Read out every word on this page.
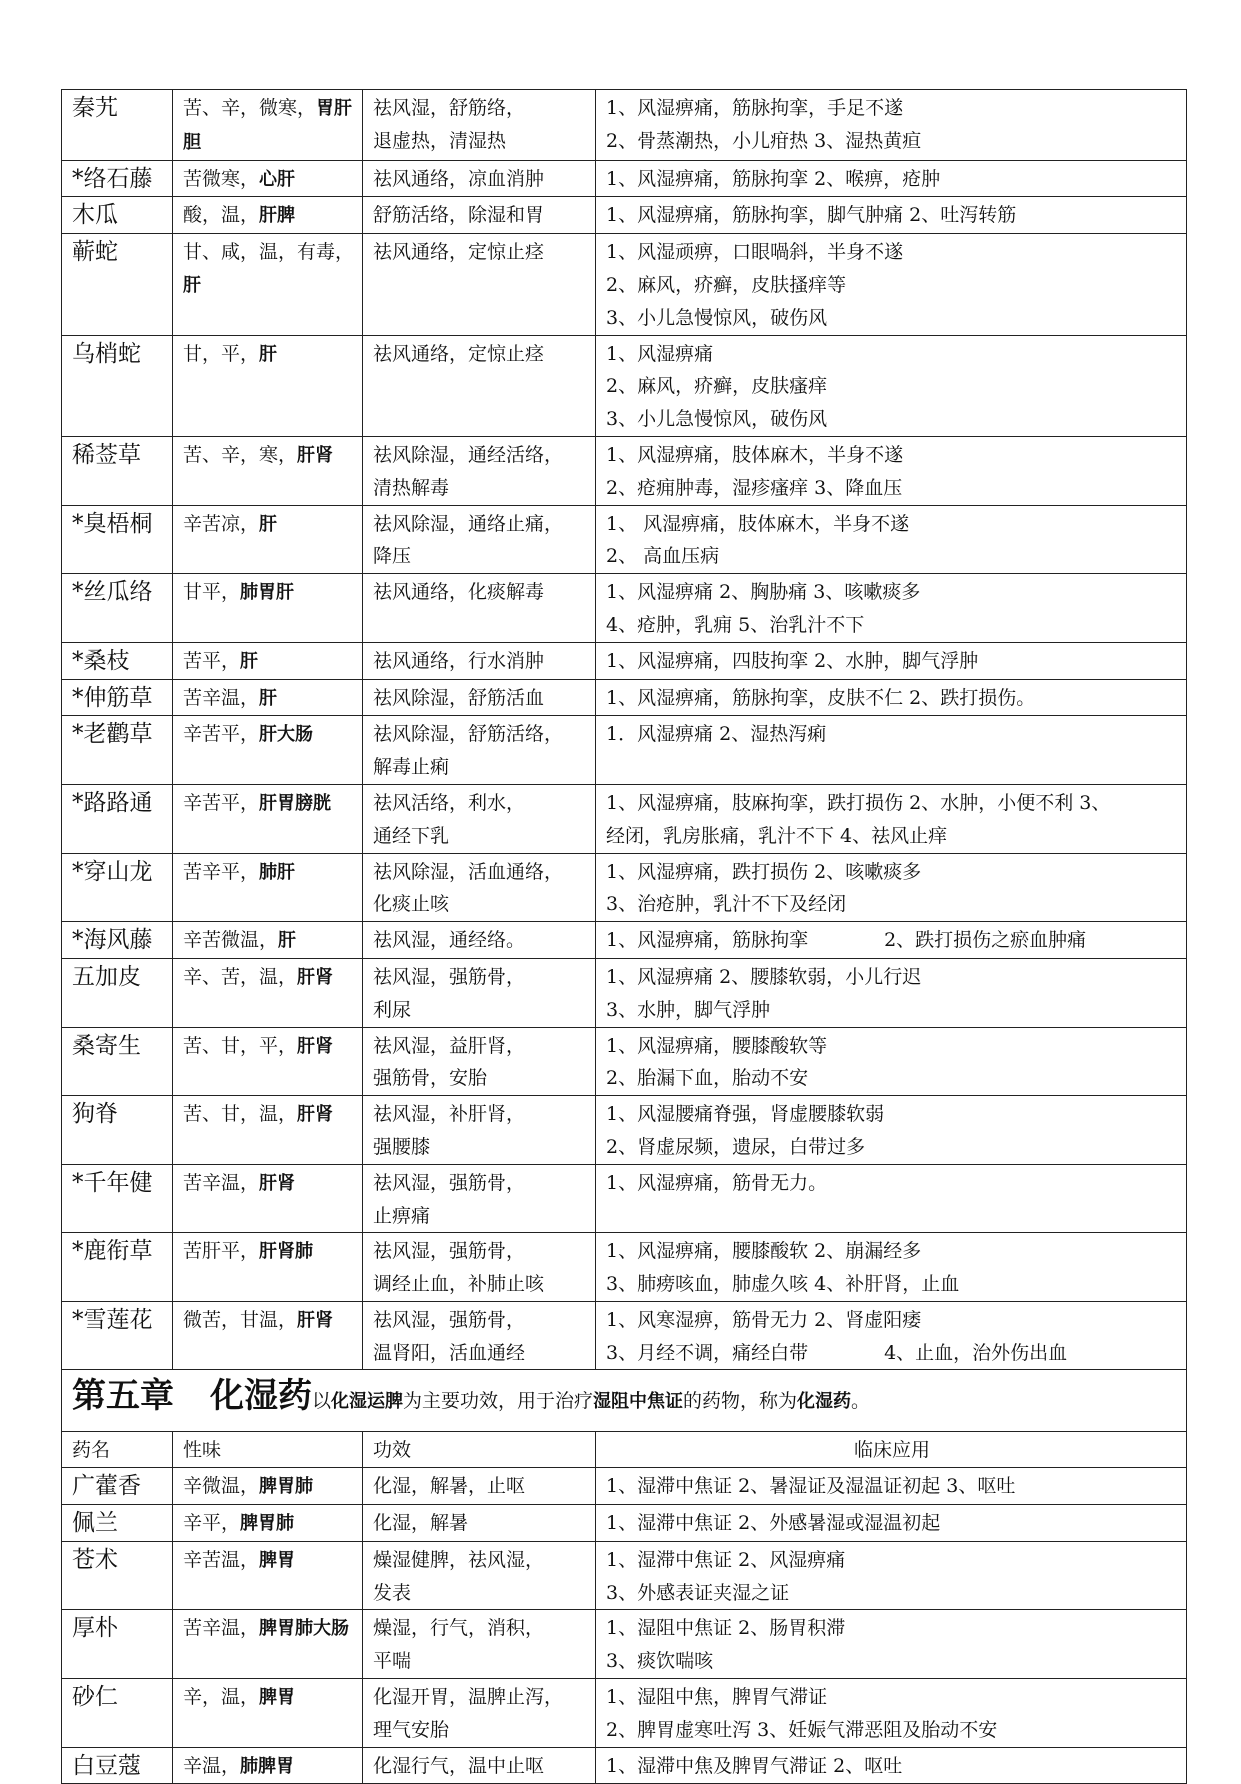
秦艽	苦、辛，微寒，胃肝胆	祛风湿，舒筋络，
退虚热，清湿热	1、风湿痹痛，筋脉拘挛，手足不遂
2、骨蒸潮热，小儿疳热 3、湿热黄疸
*络石藤	苦微寒，心肝	祛风通络，凉血消肿	1、风湿痹痛，筋脉拘挛 2、喉痹，疮肿
木瓜	酸，温，肝脾	舒筋活络，除湿和胃	1、风湿痹痛，筋脉拘挛，脚气肿痛 2、吐泻转筋
蕲蛇	甘、咸，温，有毒，肝	祛风通络，定惊止痉	1、风湿顽痹，口眼喎斜，半身不遂
2、麻风，疥癣，皮肤搔痒等
3、小儿急慢惊风，破伤风
乌梢蛇	甘，平，肝	祛风通络，定惊止痉	1、风湿痹痛
2、麻风，疥癣，皮肤瘙痒
3、小儿急慢惊风，破伤风
稀莶草	苦、辛，寒，肝肾	祛风除湿，通经活络，
清热解毒	1、风湿痹痛，肢体麻木，半身不遂
2、疮痈肿毒，湿疹瘙痒 3、降血压
*臭梧桐	辛苦凉，肝	祛风除湿，通络止痛，
降压	1、 风湿痹痛，肢体麻木，半身不遂
2、 高血压病
*丝瓜络	甘平，肺胃肝	祛风通络，化痰解毒	1、风湿痹痛 2、胸胁痛 3、咳嗽痰多
4、疮肿，乳痈 5、治乳汁不下
*桑枝	苦平，肝	祛风通络，行水消肿	1、风湿痹痛，四肢拘挛 2、水肿，脚气浮肿
*伸筋草	苦辛温，肝	祛风除湿，舒筋活血	1、风湿痹痛，筋脉拘挛，皮肤不仁 2、跌打损伤。
*老鹳草	辛苦平，肝大肠	祛风除湿，舒筋活络，
解毒止痢	1．风湿痹痛 2、湿热泻痢
*路路通	辛苦平，肝胃膀胱	祛风活络，利水，
通经下乳	1、风湿痹痛，肢麻拘挛，跌打损伤 2、水肿，小便不利 3、
经闭，乳房胀痛，乳汁不下 4、祛风止痒
*穿山龙	苦辛平，肺肝	祛风除湿，活血通络，
化痰止咳	1、风湿痹痛，跌打损伤 2、咳嗽痰多
3、治疮肿，乳汁不下及经闭
*海风藤	辛苦微温，肝	祛风湿，通经络。	1、风湿痹痛，筋脉拘挛　　　　2、跌打损伤之瘀血肿痛
五加皮	辛、苦，温，肝肾	祛风湿，强筋骨，
利尿	1、风湿痹痛 2、腰膝软弱，小儿行迟
3、水肿，脚气浮肿
桑寄生	苦、甘，平，肝肾	祛风湿，益肝肾，
强筋骨，安胎	1、风湿痹痛，腰膝酸软等
2、胎漏下血，胎动不安
狗脊	苦、甘，温，肝肾	祛风湿，补肝肾，
强腰膝	1、风湿腰痛脊强，肾虚腰膝软弱
2、肾虚尿频，遗尿，白带过多
*千年健	苦辛温，肝肾	祛风湿，强筋骨，
止痹痛	1、风湿痹痛，筋骨无力。
*鹿衔草	苦肝平，肝肾肺	祛风湿，强筋骨，
调经止血，补肺止咳	1、风湿痹痛，腰膝酸软 2、崩漏经多
3、肺痨咳血，肺虚久咳 4、补肝肾，止血
*雪莲花	微苦，甘温，肝肾	祛风湿，强筋骨，
温肾阳，活血通经	1、风寒湿痹，筋骨无力 2、肾虚阳痿
3、月经不调，痛经白带　　　　4、止血，治外伤出血
第五章 化湿药以化湿运脾为主要功效，用于治疗湿阻中焦证的药物，称为化湿药。			
药名	性味	功效	临床应用
广藿香	辛微温，脾胃肺	化湿，解暑，止呕	1、湿滞中焦证 2、暑湿证及湿温证初起 3、呕吐
佩兰	辛平，脾胃肺	化湿，解暑	1、湿滞中焦证 2、外感暑湿或湿温初起
苍术	辛苦温，脾胃	燥湿健脾，祛风湿，
发表	1、湿滞中焦证 2、风湿痹痛
3、外感表证夹湿之证
厚朴	苦辛温，脾胃肺大肠	燥湿，行气，消积，
平喘	1、湿阻中焦证 2、肠胃积滞
3、痰饮喘咳
砂仁	辛，温，脾胃	化湿开胃，温脾止泻，
理气安胎	1、湿阻中焦，脾胃气滞证
2、脾胃虚寒吐泻 3、妊娠气滞恶阻及胎动不安
白豆蔻	辛温，肺脾胃	化湿行气，温中止呕	1、湿滞中焦及脾胃气滞证 2、呕吐
